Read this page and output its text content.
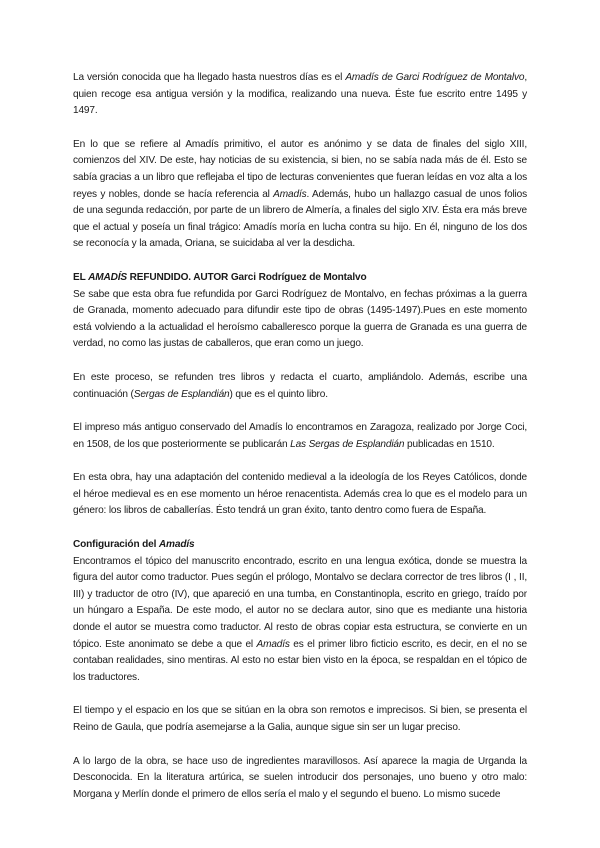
La versión conocida que ha llegado hasta nuestros días es el Amadís de Garci Rodríguez de Montalvo, quien recoge esa antigua versión y la modifica, realizando una nueva. Éste fue escrito entre 1495 y 1497.

En lo que se refiere al Amadís primitivo, el autor es anónimo y se data de finales del siglo XIII, comienzos del XIV. De este, hay noticias de su existencia, si bien, no se sabía nada más de él. Esto se sabía gracias a un libro que reflejaba el tipo de lecturas convenientes que fueran leídas en voz alta a los reyes y nobles, donde se hacía referencia al Amadís. Además, hubo un hallazgo casual de unos folios de una segunda redacción, por parte de un librero de Almería, a finales del siglo XIV. Ésta era más breve que el actual y poseía un final trágico: Amadís moría en lucha contra su hijo. En él, ninguno de los dos se reconocía y la amada, Oriana, se suicidaba al ver la desdicha.

EL AMADÍS REFUNDIDO. AUTOR Garci Rodríguez de Montalvo

Se sabe que esta obra fue refundida por Garci Rodríguez de Montalvo, en fechas próximas a la guerra de Granada, momento adecuado para difundir este tipo de obras (1495-1497).Pues en este momento está volviendo a la actualidad el heroísmo caballeresco porque la guerra de Granada es una guerra de verdad, no como las justas de caballeros, que eran como un juego.

En este proceso, se refunden tres libros y redacta el cuarto, ampliándolo. Además, escribe una continuación (Sergas de Esplandián) que es el quinto libro.

El impreso más antiguo conservado del Amadís lo encontramos en Zaragoza, realizado por Jorge Coci, en 1508, de los que posteriormente se publicarán Las Sergas de Esplandián publicadas en 1510.

En esta obra, hay una adaptación del contenido medieval a la ideología de los Reyes Católicos, donde el héroe medieval es en ese momento un héroe renacentista. Además crea lo que es el modelo para un género: los libros de caballerías. Ésto tendrá un gran éxito, tanto dentro como fuera de España.

Configuración del Amadís

Encontramos el tópico del manuscrito encontrado, escrito en una lengua exótica, donde se muestra la figura del autor como traductor. Pues según el prólogo, Montalvo se declara corrector de tres libros (I , II, III) y traductor de otro (IV), que apareció en una tumba, en Constantinopla, escrito en griego, traído por un húngaro a España. De este modo, el autor no se declara autor, sino que es mediante una historia donde el autor se muestra como traductor. Al resto de obras copiar esta estructura, se convierte en un tópico. Este anonimato se debe a que el Amadís es el primer libro ficticio escrito, es decir, en el no se contaban realidades, sino mentiras. Al esto no estar bien visto en la época, se respaldan en el tópico de los traductores.

El tiempo y el espacio en los que se sitúan en la obra son remotos e imprecisos. Si bien, se presenta el Reino de Gaula, que podría asemejarse a la Galia, aunque sigue sin ser un lugar preciso.

A lo largo de la obra, se hace uso de ingredientes maravillosos. Así aparece la magia de Urganda la Desconocida. En la literatura artúrica, se suelen introducir dos personajes, uno bueno y otro malo: Morgana y Merlín donde el primero de ellos sería el malo y el segundo el bueno. Lo mismo sucede
